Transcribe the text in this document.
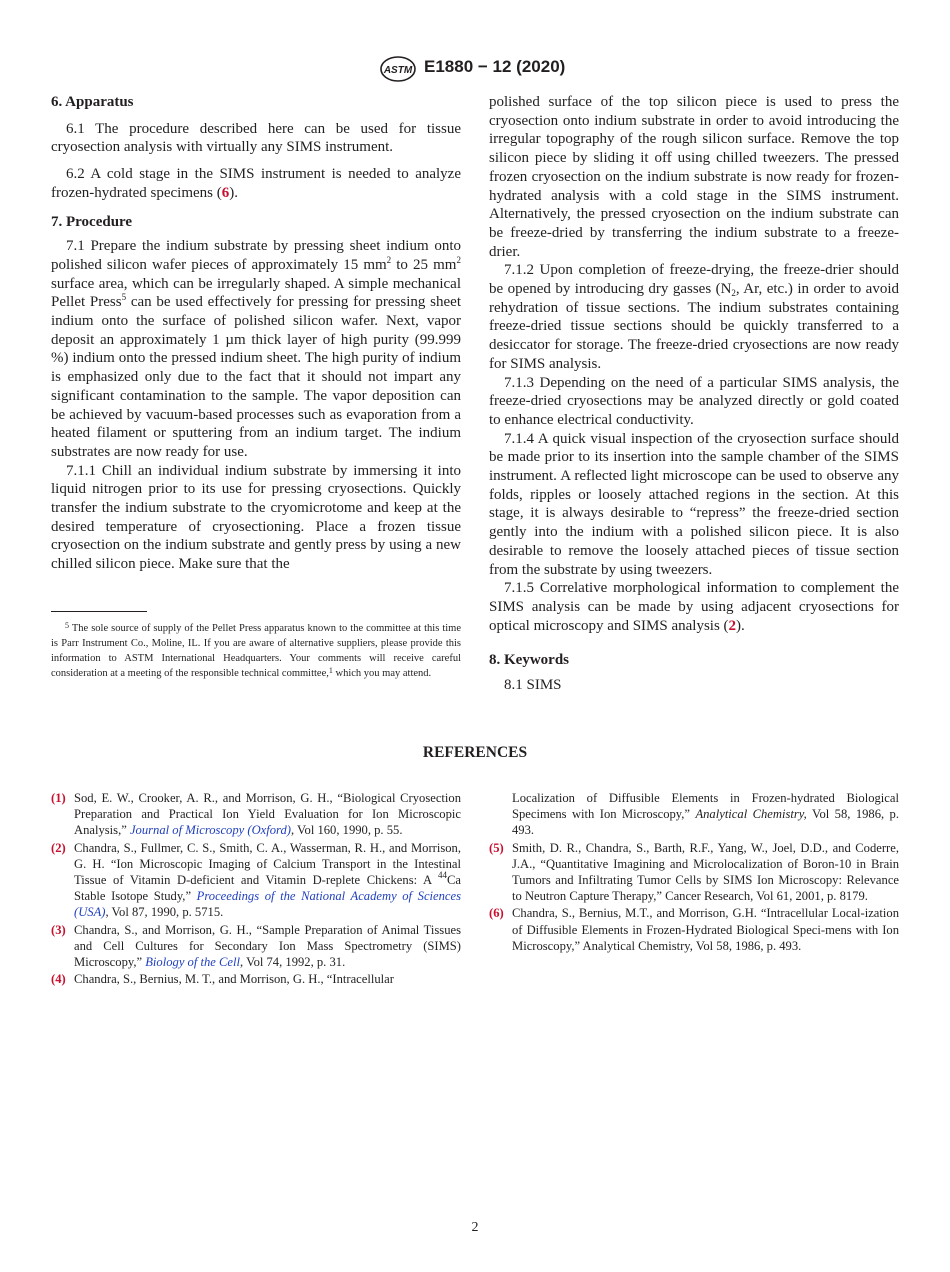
ASTM E1880 − 12 (2020)
6. Apparatus

6.1 The procedure described here can be used for tissue cryosection analysis with virtually any SIMS instrument.

6.2 A cold stage in the SIMS instrument is needed to analyze frozen-hydrated specimens (6).

7. Procedure

7.1 Prepare the indium substrate by pressing sheet indium onto polished silicon wafer pieces of approximately 15 $mm^2$ to 25 $mm^2$ surface area, which can be irregularly shaped. A simple mechanical Pellet Press$^5$ can be used effectively for pressing for pressing sheet indium onto the surface of polished silicon wafer. Next, vapor deposit an approximately 1 µm thick layer of high purity (99.999 %) indium onto the pressed indium sheet. The high purity of indium is emphasized only due to the fact that it should not impart any significant contamination to the sample. The vapor deposition can be achieved by vacuum-based processes such as evaporation from a heated filament or sputtering from an indium target. The indium substrates are now ready for use.

7.1.1 Chill an individual indium substrate by immersing it into liquid nitrogen prior to its use for pressing cryosections. Quickly transfer the indium substrate to the cryomicrotome and keep at the desired temperature of cryosectioning. Place a frozen tissue cryosection on the indium substrate and gently press by using a new chilled silicon piece. Make sure that the

$^5$ The sole source of supply of the Pellet Press apparatus known to the committee at this time is Parr Instrument Co., Moline, IL. If you are aware of alternative suppliers, please provide this information to ASTM International Headquarters. Your comments will receive careful consideration at a meeting of the responsible technical committee,$^1$ which you may attend.

polished surface of the top silicon piece is used to press the cryosection onto indium substrate in order to avoid introducing the irregular topography of the rough silicon surface. Remove the top silicon piece by sliding it off using chilled tweezers. The pressed frozen cryosection on the indium substrate is now ready for frozen-hydrated analysis with a cold stage in the SIMS instrument. Alternatively, the pressed cryosection on the indium substrate can be freeze-dried by transferring the indium substrate to a freeze-drier.

7.1.2 Upon completion of freeze-drying, the freeze-drier should be opened by introducing dry gasses ($N_2$, Ar, etc.) in order to avoid rehydration of tissue sections. The indium substrates containing freeze-dried tissue sections should be quickly transferred to a desiccator for storage. The freeze-dried cryosections are now ready for SIMS analysis.

7.1.3 Depending on the need of a particular SIMS analysis, the freeze-dried cryosections may be analyzed directly or gold coated to enhance electrical conductivity.

7.1.4 A quick visual inspection of the cryosection surface should be made prior to its insertion into the sample chamber of the SIMS instrument. A reflected light microscope can be used to observe any folds, ripples or loosely attached regions in the section. At this stage, it is always desirable to “repress” the freeze-dried section gently into the indium with a polished silicon piece. It is also desirable to remove the loosely attached pieces of tissue section from the substrate by using tweezers.

7.1.5 Correlative morphological information to complement the SIMS analysis can be made by using adjacent cryosections for optical microscopy and SIMS analysis (2).

8. Keywords

8.1 SIMS

REFERENCES
(1) Sod, E. W., Crooker, A. R., and Morrison, G. H., “Biological Cryosection Preparation and Practical Ion Yield Evaluation for Ion Microscopic Analysis,” Journal of Microscopy (Oxford), Vol 160, 1990, p. 55.
(2) Chandra, S., Fullmer, C. S., Smith, C. A., Wasserman, R. H., and Morrison, G. H. “Ion Microscopic Imaging of Calcium Transport in the Intestinal Tissue of Vitamin D-deficient and Vitamin D-replete Chickens: A $^{44}$Ca Stable Isotope Study,” Proceedings of the National Academy of Sciences (USA), Vol 87, 1990, p. 5715.
(3) Chandra, S., and Morrison, G. H., “Sample Preparation of Animal Tissues and Cell Cultures for Secondary Ion Mass Spectrometry (SIMS) Microscopy,” Biology of the Cell, Vol 74, 1992, p. 31.
(4) Chandra, S., Bernius, M. T., and Morrison, G. H., “Intracellular
Localization of Diffusible Elements in Frozen-hydrated Biological Specimens with Ion Microscopy,” Analytical Chemistry, Vol 58, 1986, p. 493.
(5) Smith, D. R., Chandra, S., Barth, R.F., Yang, W., Joel, D.D., and Coderre, J.A., “Quantitative Imagining and Microlocalization of Boron-10 in Brain Tumors and Infiltrating Tumor Cells by SIMS Ion Microscopy: Relevance to Neutron Capture Therapy,” Cancer Research, Vol 61, 2001, p. 8179.
(6) Chandra, S., Bernius, M.T., and Morrison, G.H. “Intracellular Local-ization of Diffusible Elements in Frozen-Hydrated Biological Speci-mens with Ion Microscopy,” Analytical Chemistry, Vol 58, 1986, p. 493.
2
